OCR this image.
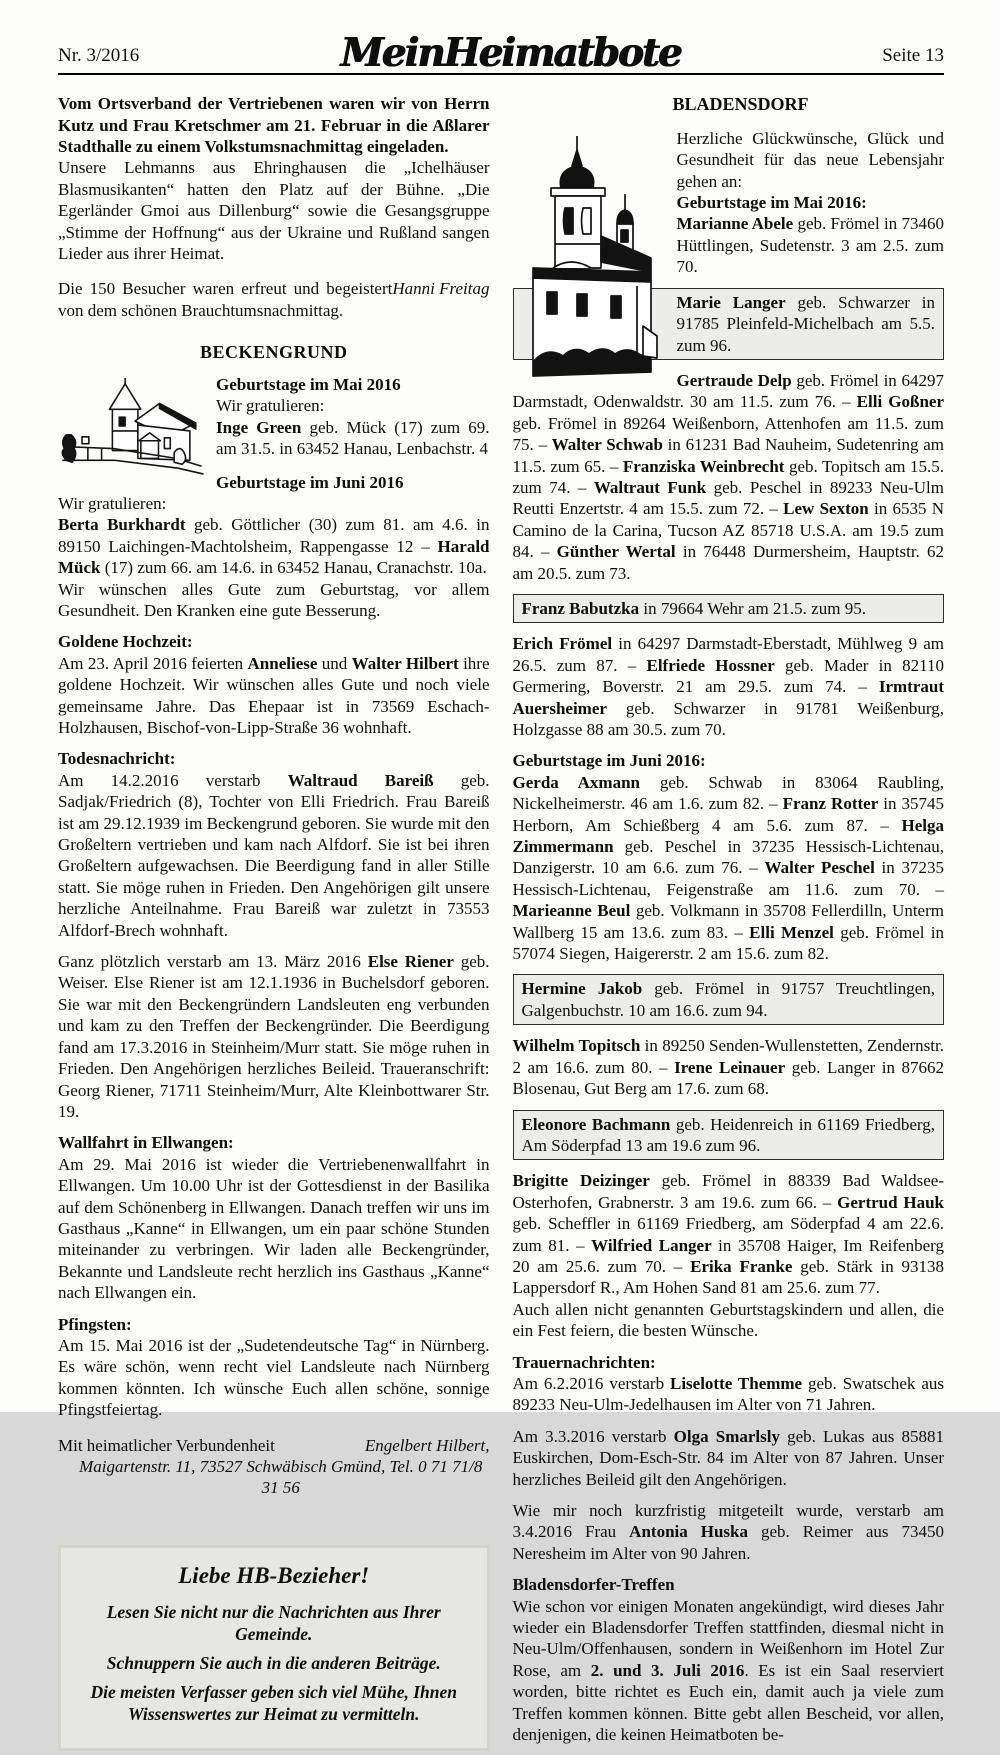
Nr. 3/2016	MeinHeimatbote	Seite 13

Vom Ortsverband der Vertriebenen waren wir von Herrn Kutz und Frau Kretschmer am 21. Februar in die Aßlarer Stadthalle zu einem Volkstumsnachmittag eingeladen.

Unsere Lehmanns aus Ehringhausen die „Ichelhäuser Blasmusikanten“ hatten den Platz auf der Bühne. „Die Egerländer Gmoi aus Dillenburg“ sowie die Gesangsgruppe „Stimme der Hoffnung“ aus der Ukraine und Rußland sangen Lieder aus ihrer Heimat.

Hanni Freitag
Die 150 Besucher waren erfreut und begeistert von dem schönen Brauchtumsnachmittag.

BECKENGRUND

Geburtstage im Mai 2016

Wir gratulieren:

Inge Green geb. Mück (17) zum 69. am 31.5. in 63452 Hanau, Lenbachstr. 4

Geburtstage im Juni 2016

Wir gratulieren:

Berta Burkhardt geb. Göttlicher (30) zum 81. am 4.6. in 89150 Laichingen-Machtolsheim, Rappengasse 12 – Harald Mück (17) zum 66. am 14.6. in 63452 Hanau, Cranachstr. 10a.

Wir wünschen alles Gute zum Geburtstag, vor allem Gesundheit. Den Kranken eine gute Besserung.

Goldene Hochzeit:

Am 23. April 2016 feierten Anneliese und Walter Hilbert ihre goldene Hochzeit. Wir wünschen alles Gute und noch viele gemeinsame Jahre. Das Ehepaar ist in 73569 Eschach-Holzhausen, Bischof-von-Lipp-Straße 36 wohnhaft.

Todesnachricht:

Am 14.2.2016 verstarb Waltraud Bareiß geb. Sadjak/Friedrich (8), Tochter von Elli Friedrich. Frau Bareiß ist am 29.12.1939 im Beckengrund geboren. Sie wurde mit den Großeltern vertrieben und kam nach Alfdorf. Sie ist bei ihren Großeltern aufgewachsen. Die Beerdigung fand in aller Stille statt. Sie möge ruhen in Frieden. Den Angehörigen gilt unsere herzliche Anteilnahme. Frau Bareiß war zuletzt in 73553 Alfdorf-Brech wohnhaft.

Ganz plötzlich verstarb am 13. März 2016 Else Riener geb. Weiser. Else Riener ist am 12.1.1936 in Buchelsdorf geboren. Sie war mit den Beckengründern Landsleuten eng verbunden und kam zu den Treffen der Beckengründer. Die Beerdigung fand am 17.3.2016 in Steinheim/Murr statt. Sie möge ruhen in Frieden. Den Angehörigen herzliches Beileid. Traueranschrift: Georg Riener, 71711 Steinheim/Murr, Alte Kleinbottwarer Str. 19.

Wallfahrt in Ellwangen:

Am 29. Mai 2016 ist wieder die Vertriebenenwallfahrt in Ellwangen. Um 10.00 Uhr ist der Gottesdienst in der Basilika auf dem Schönenberg in Ellwangen. Danach treffen wir uns im Gasthaus „Kanne“ in Ellwangen, um ein paar schöne Stunden miteinander zu verbringen. Wir laden alle Beckengründer, Bekannte und Landsleute recht herzlich ins Gasthaus „Kanne“ nach Ellwangen ein.

Pfingsten:

Am 15. Mai 2016 ist der „Sudetendeutsche Tag“ in Nürnberg. Es wäre schön, wenn recht viel Landsleute nach Nürnberg kommen könnten. Ich wünsche Euch allen schöne, sonnige Pfingstfeiertag.

Mit heimatlicher Verbundenheit	Engelbert Hilbert,

Maigartenstr. 11, 73527 Schwäbisch Gmünd, Tel. 0 71 71/8 31 56

Liebe HB-Bezieher!
Lesen Sie nicht nur die Nachrichten aus Ihrer Gemeinde.
Schnuppern Sie auch in die anderen Beiträge.
Die meisten Verfasser geben sich viel Mühe, Ihnen Wissenswertes zur Heimat zu vermitteln.
BLADENSDORF

Herzliche Glückwünsche, Glück und Gesundheit für das neue Lebensjahr gehen an:

Geburtstage im Mai 2016:

Marianne Abele geb. Frömel in 73460 Hüttlingen, Sudetenstr. 3 am 2.5. zum 70.

Marie Langer geb. Schwarzer in 91785 Pleinfeld-Michelbach am 5.5. zum 96.

Gertraude Delp geb. Frömel in 64297 Darmstadt, Odenwaldstr. 30 am 11.5. zum 76. – Elli Goßner geb. Frömel in 89264 Weißenborn, Attenhofen am 11.5. zum 75. – Walter Schwab in 61231 Bad Nauheim, Sudetenring am 11.5. zum 65. – Franziska Weinbrecht geb. Topitsch am 15.5. zum 74. – Waltraut Funk geb. Peschel in 89233 Neu-Ulm Reutti Enzertstr. 4 am 15.5. zum 72. – Lew Sexton in 6535 N Camino de la Carina, Tucson AZ 85718 U.S.A. am 19.5 zum 84. – Günther Wertal in 76448 Durmersheim, Hauptstr. 62 am 20.5. zum 73.

Franz Babutzka in 79664 Wehr am 21.5. zum 95.

Erich Frömel in 64297 Darmstadt-Eberstadt, Mühlweg 9 am 26.5. zum 87. – Elfriede Hossner geb. Mader in 82110 Germering, Boverstr. 21 am 29.5. zum 74. – Irmtraut Auersheimer geb. Schwarzer in 91781 Weißenburg, Holzgasse 88 am 30.5. zum 70.

Geburtstage im Juni 2016:

Gerda Axmann geb. Schwab in 83064 Raubling, Nickelheimerstr. 46 am 1.6. zum 82. – Franz Rotter in 35745 Herborn, Am Schießberg 4 am 5.6. zum 87. – Helga Zimmermann geb. Peschel in 37235 Hessisch-Lichtenau, Danzigerstr. 10 am 6.6. zum 76. – Walter Peschel in 37235 Hessisch-Lichtenau, Feigenstraße am 11.6. zum 70. – Marieanne Beul geb. Volkmann in 35708 Fellerdilln, Unterm Wallberg 15 am 13.6. zum 83. – Elli Menzel geb. Frömel in 57074 Siegen, Haigererstr. 2 am 15.6. zum 82.

Hermine Jakob geb. Frömel in 91757 Treuchtlingen, Galgenbuchstr. 10 am 16.6. zum 94.

Wilhelm Topitsch in 89250 Senden-Wullenstetten, Zendernstr. 2 am 16.6. zum 80. – Irene Leinauer geb. Langer in 87662 Blosenau, Gut Berg am 17.6. zum 68.

Eleonore Bachmann geb. Heidenreich in 61169 Friedberg, Am Söderpfad 13 am 19.6 zum 96.

Brigitte Deizinger geb. Frömel in 88339 Bad Waldsee-Osterhofen, Grabnerstr. 3 am 19.6. zum 66. – Gertrud Hauk geb. Scheffler in 61169 Friedberg, am Söderpfad 4 am 22.6. zum 81. – Wilfried Langer in 35708 Haiger, Im Reifenberg 20 am 25.6. zum 70. – Erika Franke geb. Stärk in 93138 Lappersdorf R., Am Hohen Sand 81 am 25.6. zum 77.

Auch allen nicht genannten Geburtstagskindern und allen, die ein Fest feiern, die besten Wünsche.

Trauernachrichten:

Am 6.2.2016 verstarb Liselotte Themme geb. Swatschek aus 89233 Neu-Ulm-Jedelhausen im Alter von 71 Jahren.

Am 3.3.2016 verstarb Olga Smarlsly geb. Lukas aus 85881 Euskirchen, Dom-Esch-Str. 84 im Alter von 87 Jahren. Unser herzliches Beileid gilt den Angehörigen.

Wie mir noch kurzfristig mitgeteilt wurde, verstarb am 3.4.2016 Frau Antonia Huska geb. Reimer aus 73450 Neresheim im Alter von 90 Jahren.

Bladensdorfer-Treffen

Wie schon vor einigen Monaten angekündigt, wird dieses Jahr wieder ein Bladensdorfer Treffen stattfinden, diesmal nicht in Neu-Ulm/Offenhausen, sondern in Weißenhorn im Hotel Zur Rose, am 2. und 3. Juli 2016. Es ist ein Saal reserviert worden, bitte richtet es Euch ein, damit auch ja viele zum Treffen kommen können. Bitte gebt allen Bescheid, vor allen, denjenigen, die keinen Heimatboten be-
